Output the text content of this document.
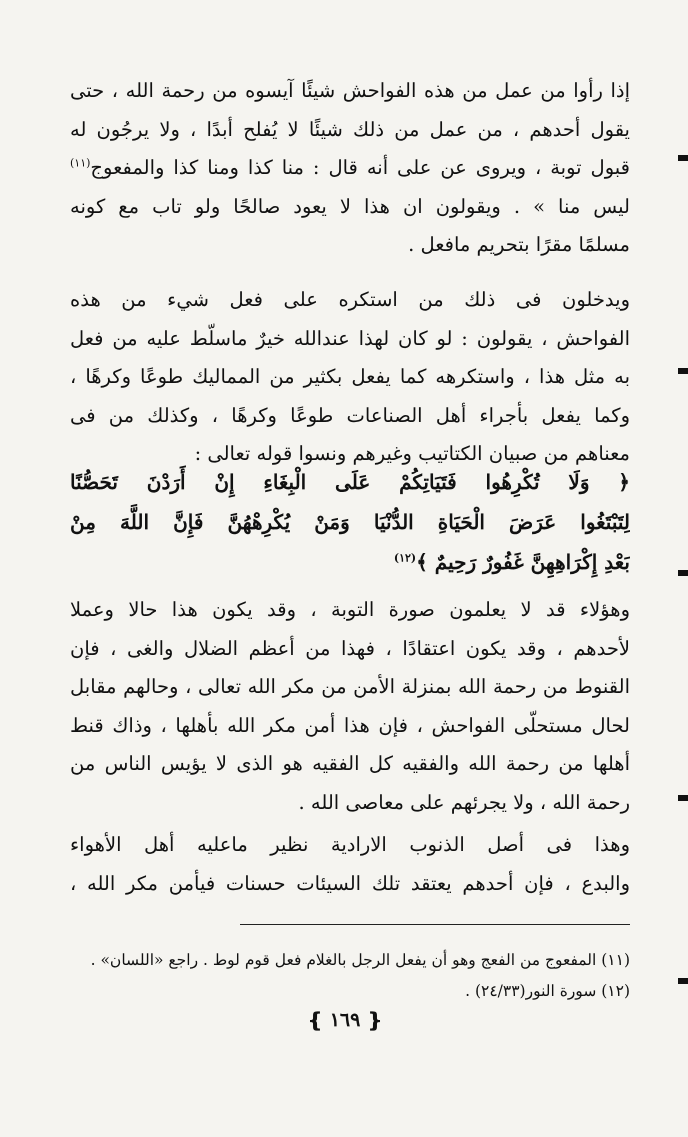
إذا رأوا من عمل من هذه الفواحش شيئًا آيسوه من رحمة الله ، حتى
يقول أحدهم ، من عمل من ذلك شيئًا لا يُفلح أبدًا ، ولا يرجُون له
قبول توبة ، ويروى عن على أنه قال : منا كذا ومنا كذا والمفعوج$^{(١١)}$
ليس منا » . ويقولون ان هذا لا يعود صالحًا ولو تاب مع كونه
مسلمًا مقرًا بتحريم مافعل .
ويدخلون فى ذلك من استكره على فعل شيء من هذه
الفواحش ، يقولون : لو كان لهذا عندالله خيرٌ ماسلّط عليه من فعل
به مثل هذا ، واستكرهه كما يفعل بكثير من المماليك طوعًا وكرهًا ،
وكما يفعل بأجراء أهل الصناعات طوعًا وكرهًا ، وكذلك من فى
معناهم من صبيان الكتاتيب وغيرهم ونسوا قوله تعالى :
﴿ وَلَا تُكْرِهُوا فَتَيَاتِكُمْ عَلَى الْبِغَاءِ إِنْ أَرَدْنَ تَحَصُّنًا
لِتَبْتَغُوا عَرَضَ الْحَيَاةِ الدُّنْيَا وَمَنْ يُكْرِهْهُنَّ فَإِنَّ اللَّهَ مِنْ
بَعْدِ إِكْرَاهِهِنَّ غَفُورٌ رَحِيمٌ ﴾$^{(١٢)}$
وهؤلاء قد لا يعلمون صورة التوبة ، وقد يكون هذا حالا وعملا
لأحدهم ، وقد يكون اعتقادًا ، فهذا من أعظم الضلال والغى ، فإن
القنوط من رحمة الله بمنزلة الأمن من مكر الله تعالى ، وحالهم مقابل
لحال مستحلّى الفواحش ، فإن هذا أمن مكر الله بأهلها ، وذاك قنط
أهلها من رحمة الله والفقيه كل الفقيه هو الذى لا يؤيس الناس من
رحمة الله ، ولا يجرئهم على معاصى الله .
وهذا فى أصل الذنوب الارادية نظير ماعليه أهل الأهواء
والبدع ، فإن أحدهم يعتقد تلك السيئات حسنات فيأمن مكر الله ،
(١١) المفعوج من الفعج وهو أن يفعل الرجل بالغلام فعل قوم لوط . راجع «اللسان» .
(١٢) سورة النور(٢٤/٣٣) .
❴
١٦٩
❵
